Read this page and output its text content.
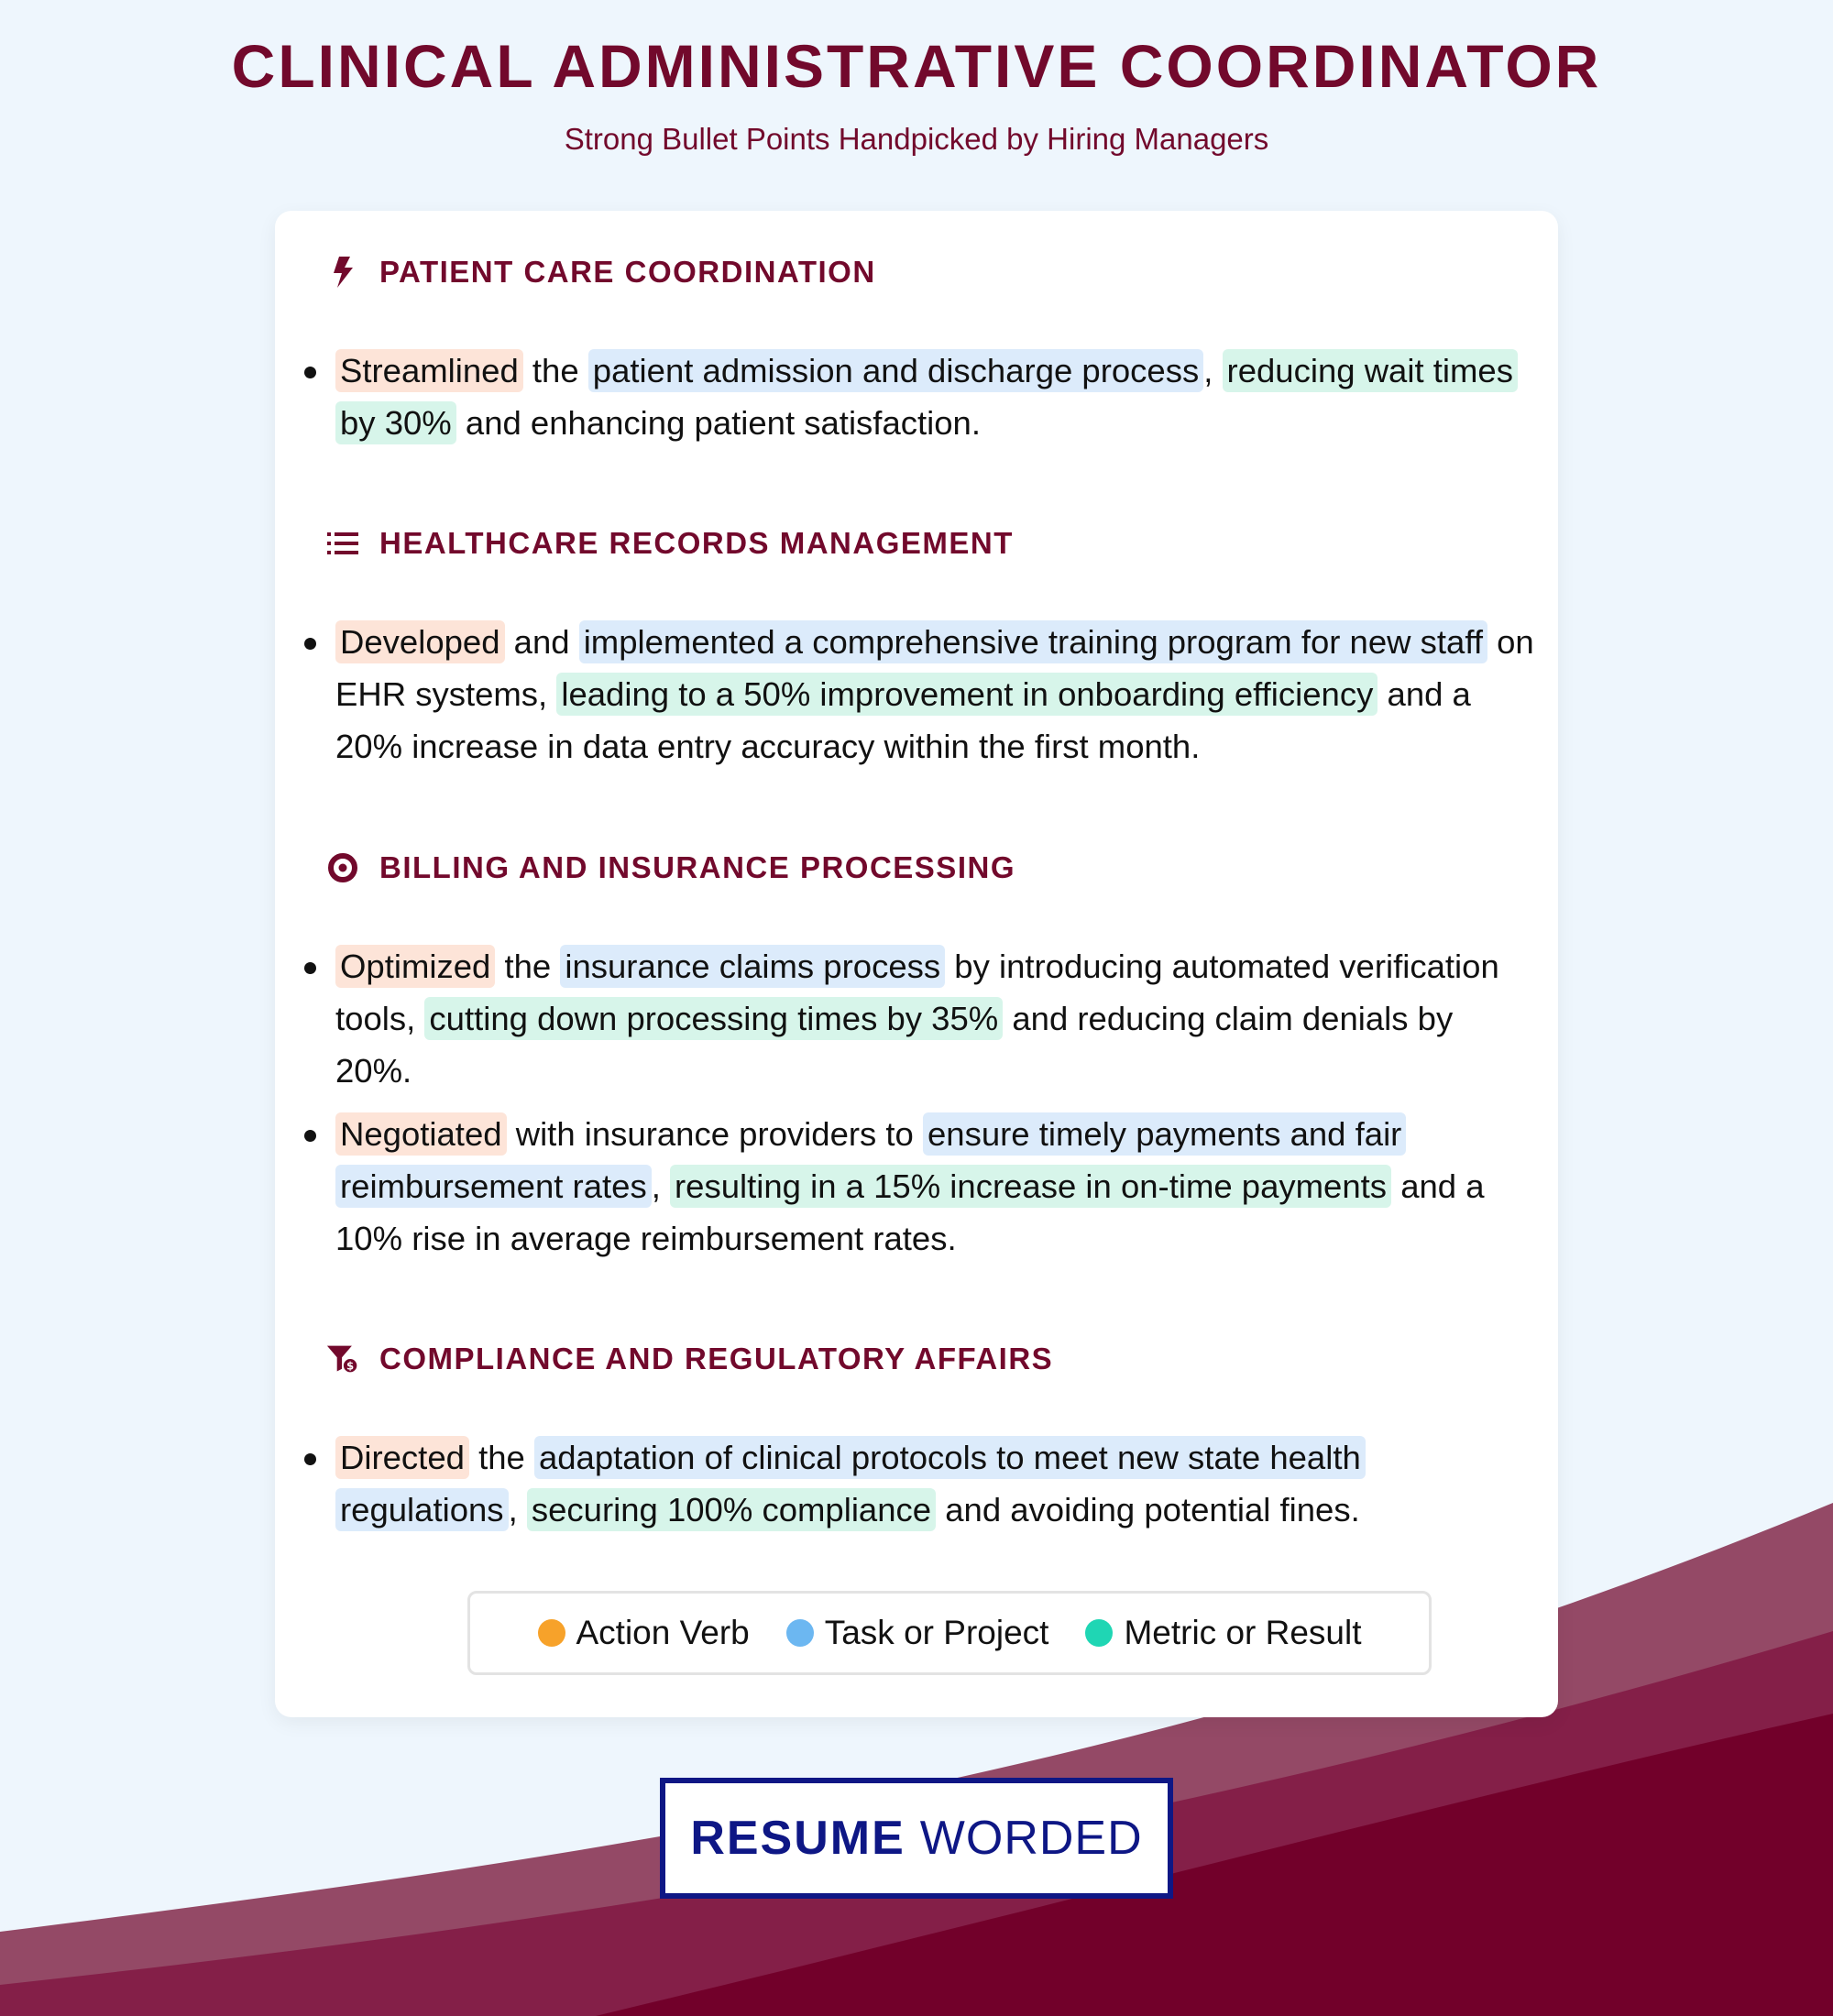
CLINICAL ADMINISTRATIVE COORDINATOR
Strong Bullet Points Handpicked by Hiring Managers
PATIENT CARE COORDINATION
Streamlined the patient admission and discharge process , reducing wait times by 30% and enhancing patient satisfaction.
HEALTHCARE RECORDS MANAGEMENT
Developed and implemented a comprehensive training program for new staff on EHR systems, leading to a 50% improvement in onboarding efficiency and a 20% increase in data entry accuracy within the first month.
BILLING AND INSURANCE PROCESSING
Optimized the insurance claims process by introducing automated verification tools, cutting down processing times by 35% and reducing claim denials by 20%.
Negotiated with insurance providers to ensure timely payments and fair reimbursement rates , resulting in a 15% increase in on-time payments and a 10% rise in average reimbursement rates.
$ COMPLIANCE AND REGULATORY AFFAIRS
Directed the adaptation of clinical protocols to meet new state health regulations , securing 100% compliance and avoiding potential fines.
Action Verb Task or Project Metric or Result
RESUME WORDED
